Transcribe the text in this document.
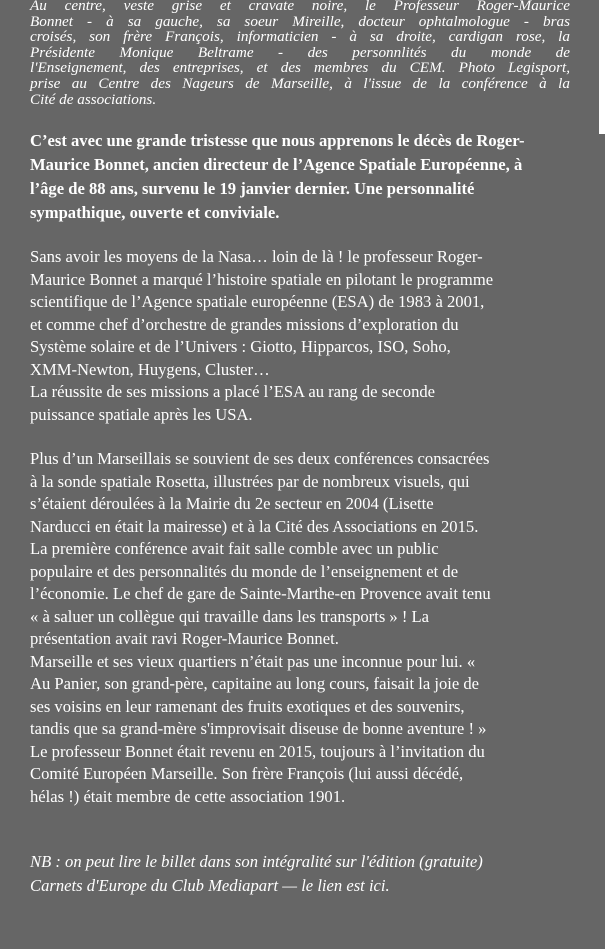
Au centre, veste grise et cravate noire, le Professeur Roger-Maurice
Bonnet - à sa gauche, sa soeur Mireille, docteur ophtalmologue - bras
croisés, son frère François, informaticien - à sa droite, cardigan rose, la
Présidente Monique Beltrame - des personnlités du monde de
l'Enseignement, des entreprises, et des membres du CEM. Photo Legisport,
prise au Centre des Nageurs de Marseille, à l'issue de la conférence à la
Cité de associations.
C’est avec une grande tristesse que nous apprenons le décès de Roger-
Maurice Bonnet, ancien directeur de l’Agence Spatiale Européenne, à
l’âge de 88 ans, survenu le 19 janvier dernier. Une personnalité
sympathique, ouverte et conviviale.
Sans avoir les moyens de la Nasa… loin de là ! le professeur Roger-
Maurice Bonnet a marqué l’histoire spatiale en pilotant le programme
scientifique de l’Agence spatiale européenne (ESA) de 1983 à 2001,
et comme chef d’orchestre de grandes missions d’exploration du
Système solaire et de l’Univers : Giotto, Hipparcos, ISO, Soho,
XMM-Newton, Huygens, Cluster…
La réussite de ses missions a placé l’ESA au rang de seconde
puissance spatiale après les USA.
Plus d’un Marseillais se souvient de ses deux conférences consacrées
à la sonde spatiale Rosetta, illustrées par de nombreux visuels, qui
s’étaient déroulées à la Mairie du 2e secteur en 2004 (Lisette
Narducci en était la mairesse) et à la Cité des Associations en 2015.
La première conférence avait fait salle comble avec un public
populaire et des personnalités du monde de l’enseignement et de
l’économie. Le chef de gare de Sainte-Marthe-en Provence avait tenu
« à saluer un collègue qui travaille dans les transports » ! La
présentation avait ravi Roger-Maurice Bonnet.
Marseille et ses vieux quartiers n’était pas une inconnue pour lui. «
Au Panier, son grand-père, capitaine au long cours, faisait la joie de
ses voisins en leur ramenant des fruits exotiques et des souvenirs,
tandis que sa grand-mère s'improvisait diseuse de bonne aventure ! »
Le professeur Bonnet était revenu en 2015, toujours à l’invitation du
Comité Européen Marseille. Son frère François (lui aussi décédé,
hélas !) était membre de cette association 1901.
NB : on peut lire le billet dans son intégralité sur l'édition (gratuite)
Carnets d'Europe du Club Mediapart — le lien est ici.
